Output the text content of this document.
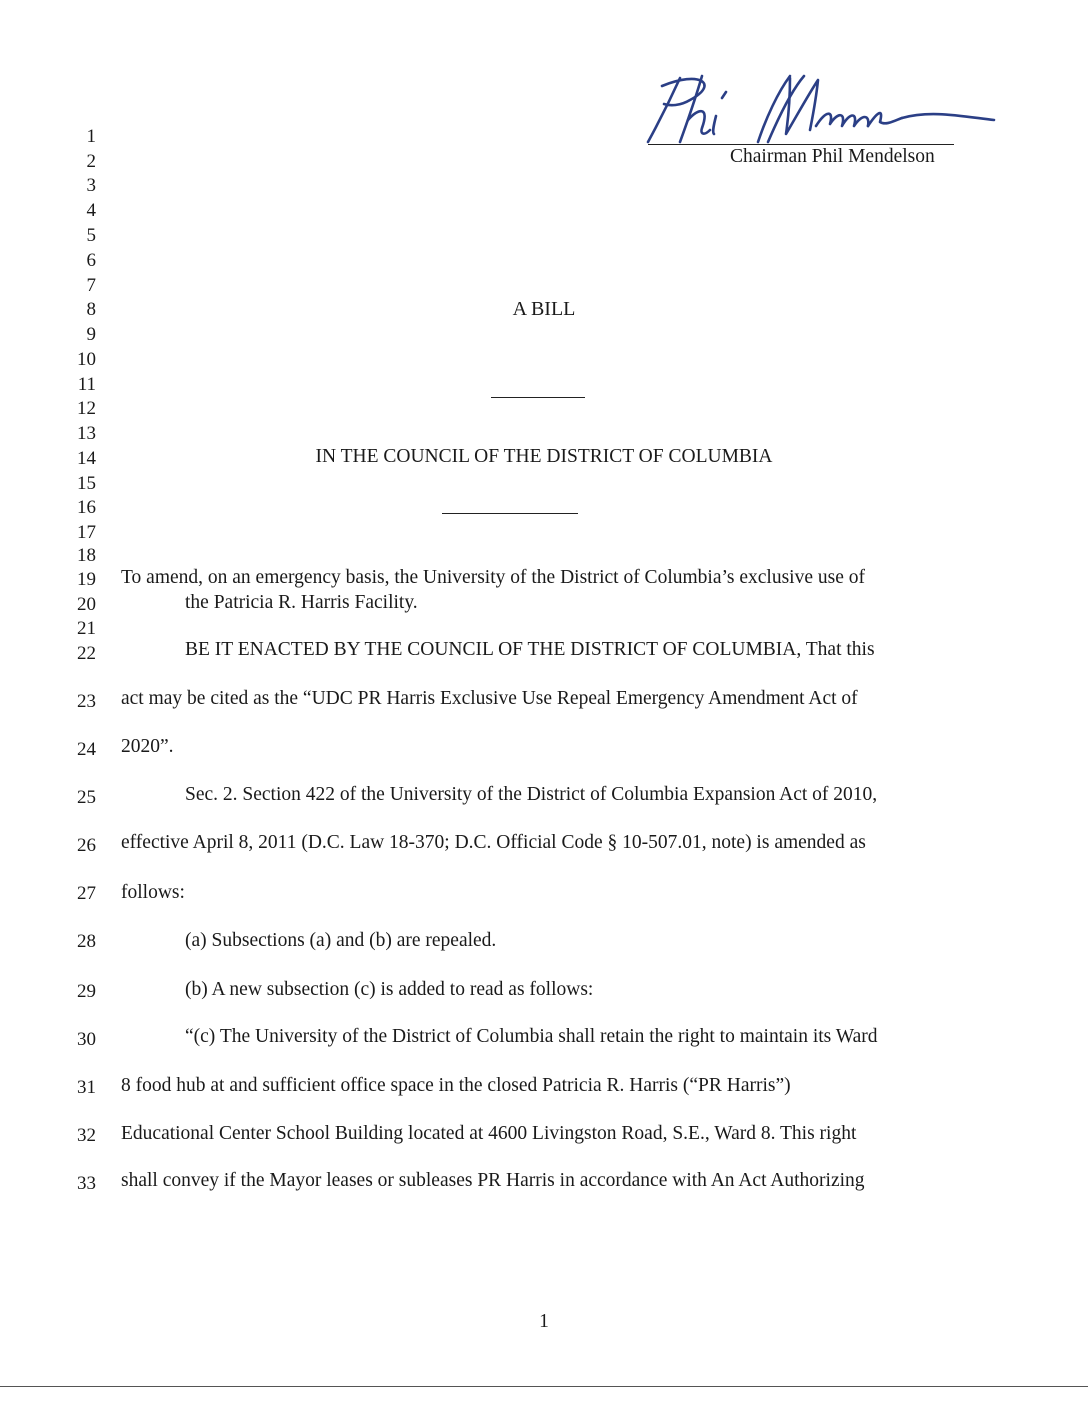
Chairman Phil Mendelson
1
2
3
4
5
6
7
8
9
10
11
12
13
14
15
16
17
18
19
20
21
22
23
24
25
26
27
28
29
30
31
32
33
A BILL
IN THE COUNCIL OF THE DISTRICT OF COLUMBIA
To amend, on an emergency basis, the University of the District of Columbia’s exclusive use of
the Patricia R. Harris Facility.
BE IT ENACTED BY THE COUNCIL OF THE DISTRICT OF COLUMBIA, That this
act may be cited as the “UDC PR Harris Exclusive Use Repeal Emergency Amendment Act of
2020”.
Sec. 2. Section 422 of the University of the District of Columbia Expansion Act of 2010,
effective April 8, 2011 (D.C. Law 18-370; D.C. Official Code § 10-507.01, note) is amended as
follows:
(a) Subsections (a) and (b) are repealed.
(b) A new subsection (c) is added to read as follows:
“(c) The University of the District of Columbia shall retain the right to maintain its Ward
8 food hub at and sufficient office space in the closed Patricia R. Harris (“PR Harris”)
Educational Center School Building located at 4600 Livingston Road, S.E., Ward 8. This right
shall convey if the Mayor leases or subleases PR Harris in accordance with An Act Authorizing
1
